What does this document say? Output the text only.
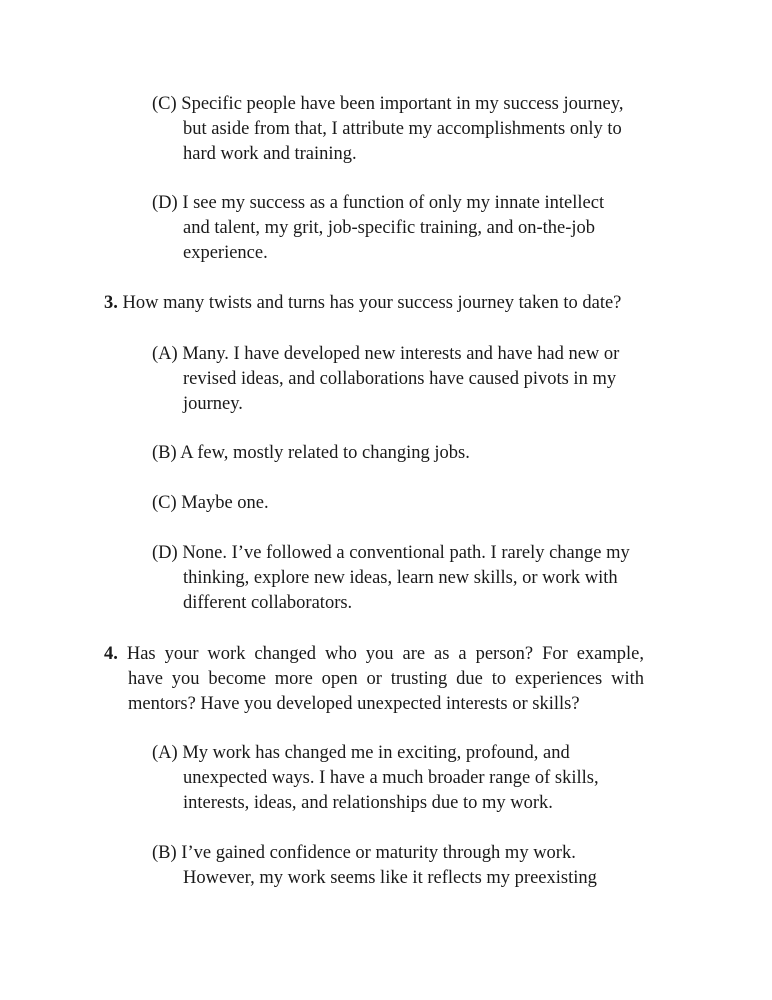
(C) Specific people have been important in my success journey,
but aside from that, I attribute my accomplishments only to
hard work and training.
(D) I see my success as a function of only my innate intellect
and talent, my grit, job-specific training, and on-the-job
experience.
3. How many twists and turns has your success journey taken to date?
(A) Many. I have developed new interests and have had new or
revised ideas, and collaborations have caused pivots in my
journey.
(B) A few, mostly related to changing jobs.
(C) Maybe one.
(D) None. I’ve followed a conventional path. I rarely change my
thinking, explore new ideas, learn new skills, or work with
different collaborators.
4. Has your work changed who you are as a person? For example,
have you become more open or trusting due to experiences with
mentors? Have you developed unexpected interests or skills?
(A) My work has changed me in exciting, profound, and
unexpected ways. I have a much broader range of skills,
interests, ideas, and relationships due to my work.
(B) I’ve gained confidence or maturity through my work.
However, my work seems like it reflects my preexisting
